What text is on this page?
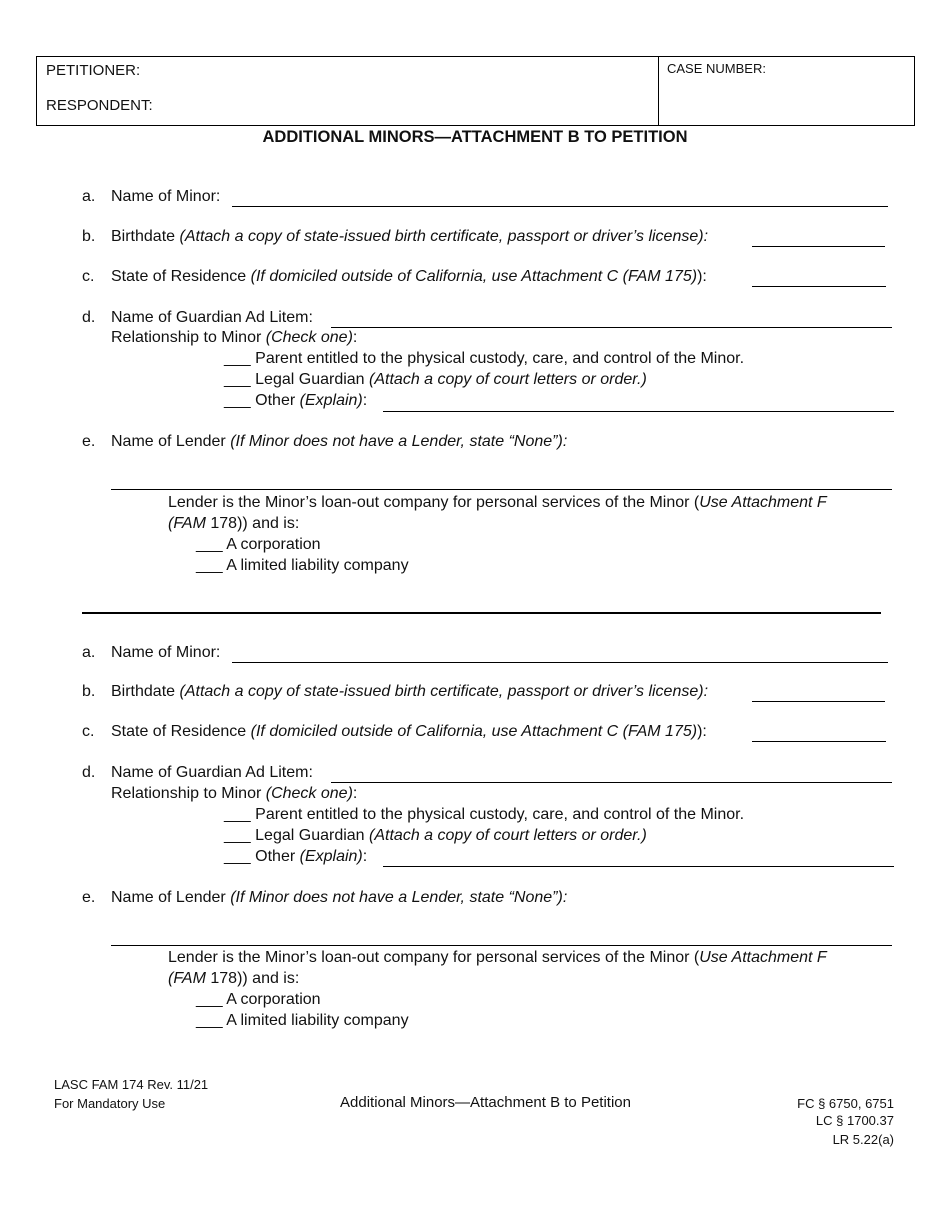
PETITIONER:
RESPONDENT:
CASE NUMBER:
ADDITIONAL MINORS—ATTACHMENT B TO PETITION
a. Name of Minor:
b. Birthdate (Attach a copy of state-issued birth certificate, passport or driver’s license):
c. State of Residence (If domiciled outside of California, use Attachment C (FAM 175)):
d. Name of Guardian Ad Litem:
Relationship to Minor (Check one):
___ Parent entitled to the physical custody, care, and control of the Minor.
___ Legal Guardian (Attach a copy of court letters or order.)
___ Other (Explain):
e. Name of Lender (If Minor does not have a Lender, state “None”):
Lender is the Minor’s loan-out company for personal services of the Minor (Use Attachment F
(FAM 178)) and is:
___ A corporation
___ A limited liability company
a. Name of Minor:
b. Birthdate (Attach a copy of state-issued birth certificate, passport or driver’s license):
c. State of Residence (If domiciled outside of California, use Attachment C (FAM 175)):
d. Name of Guardian Ad Litem:
Relationship to Minor (Check one):
___ Parent entitled to the physical custody, care, and control of the Minor.
___ Legal Guardian (Attach a copy of court letters or order.)
___ Other (Explain):
e. Name of Lender (If Minor does not have a Lender, state “None”):
Lender is the Minor’s loan-out company for personal services of the Minor (Use Attachment F
(FAM 178)) and is:
___ A corporation
___ A limited liability company
LASC FAM 174 Rev. 11/21
For Mandatory Use	Additional Minors—Attachment B to Petition	FC § 6750, 6751
LC § 1700.37
LR 5.22(a)
